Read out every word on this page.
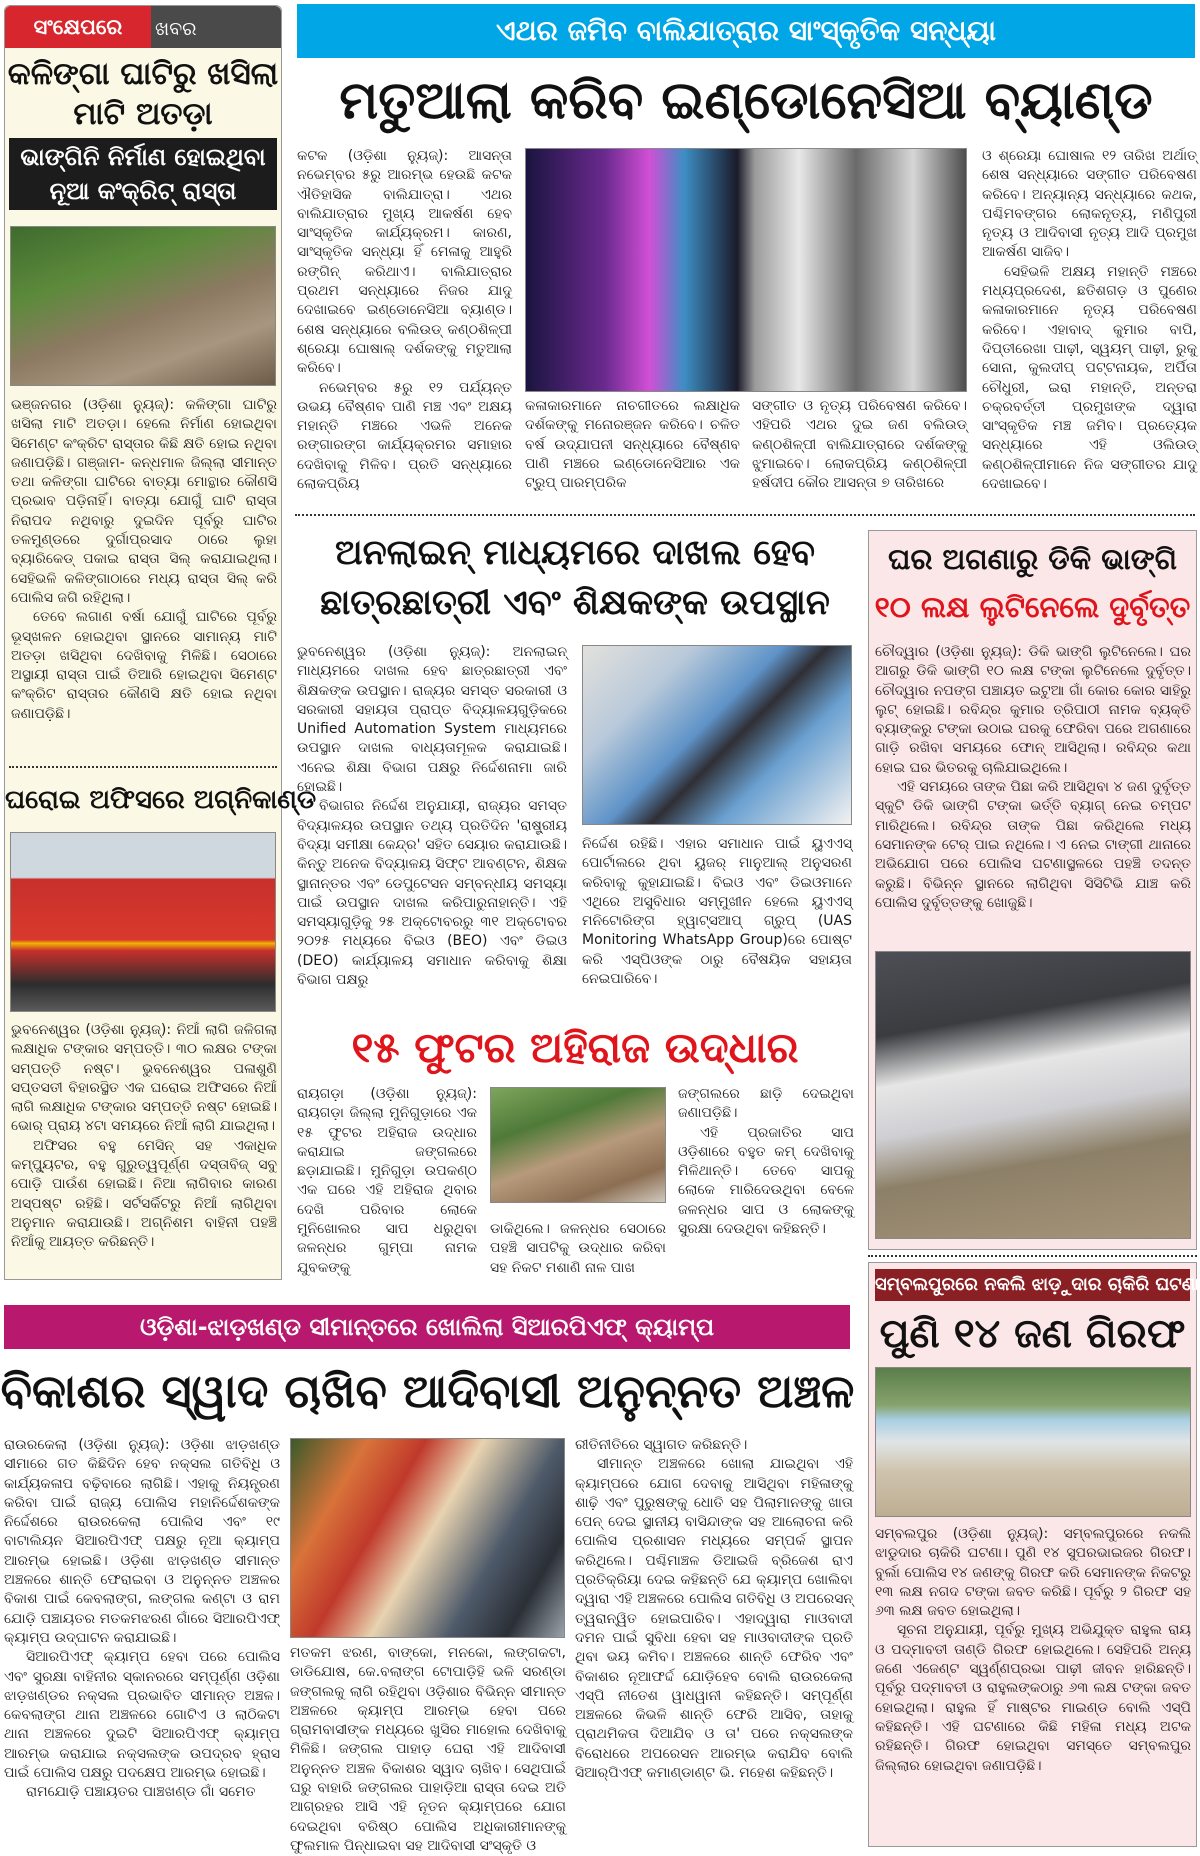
ସଂକ୍ଷେପରେ	ଖବର
କଳିଙ୍ଗା ଘାଟିରୁ ଖସିଲା
ମାଟି ଅତଡ଼ା
ଭାଙ୍ଗିନି ନିର୍ମାଣ ହୋଇଥିବା
ନୂଆ କଂକ୍ରିଟ୍ ରାସ୍ତା

ଭଞ୍ଜନଗର (ଓଡ଼ିଶା ନ୍ୟୁଜ୍): କଳିଙ୍ଗା ଘାଟିରୁ ଖସିଲା ମାଟି ଅତଡ଼ା। ହେଲେ ନିର୍ମାଣ ହୋଇଥିବା ସିମେଣ୍ଟ କଂକ୍ରିଟ ରାସ୍ତାର କିଛି କ୍ଷତି ହୋଇ ନଥିବା ଜଣାପଡ଼ିଛି। ଗଞ୍ଜାମ- କନ୍ଧମାଳ ଜିଲ୍ଲା ସୀମାନ୍ତ ତଥା କଳିଙ୍ଗା ଘାଟିରେ ବାତ୍ୟା ମୋନ୍ଥାର କୌଣସି ପ୍ରଭାବ ପଡ଼ିନାହିଁ। ବାତ୍ୟା ଯୋଗୁଁ ଘାଟି ରାସ୍ତା ନିରାପଦ ନଥିବାରୁ ଦୁଇଦିନ ପୂର୍ବରୁ ଘାଟିର ତଳମୁଣ୍ଡରେ ଦୁର୍ଗାପ୍ରସାଦ ଠାରେ ଲୁହା ବ୍ୟାରିକେଡ୍ ପକାଇ ରାସ୍ତା ସିଲ୍ କରାଯାଇଥିଲା। ସେହିଭଳି କଳିଙ୍ଗାଠାରେ ମଧ୍ୟ ରାସ୍ତା ସିଲ୍ କରି ପୋଲିସ ଜଗି ରହିଥିଲା।

ତେବେ ଲଗାଣ ବର୍ଷା ଯୋଗୁଁ ଘାଟିରେ ପୂର୍ବରୁ ଭୂସ୍ଖଳନ ହୋଇଥିବା ସ୍ଥାନରେ ସାମାନ୍ୟ ମାଟି ଅତଡ଼ା ଖସିଥିବା ଦେଖିବାକୁ ମିଳିଛି। ସେଠାରେ ଅସ୍ଥାୟୀ ରାସ୍ତା ପାଇଁ ତିଆରି ହୋଇଥିବା ସିମେଣ୍ଟ କଂକ୍ରିଟ ରାସ୍ତାର କୌଣସି କ୍ଷତି ହୋଇ ନଥିବା ଜଣାପଡ଼ିଛି।

ଘରୋଇ ଅଫିସରେ ଅଗ୍ନିକାଣ୍ଡ

ଭୁବନେଶ୍ୱର (ଓଡ଼ିଶା ନ୍ୟୁଜ୍): ନିଆଁ ଲାଗି ଜଳିଗଲା ଲକ୍ଷାଧିକ ଟଙ୍କାର ସମ୍ପତ୍ତି। ୩୦ ଲକ୍ଷର ଟଙ୍କା ସମ୍ପତ୍ତି ନଷ୍ଟ। ଭୁବନେଶ୍ୱର ପଳାଶୁଣି ସପ୍ତସତୀ ବିହାରସ୍ଥିତ ଏକ ଘରୋଇ ଅଫିସରେ ନିଆଁ ଲାଗି ଲକ୍ଷାଧିକ ଟଙ୍କାର ସମ୍ପତ୍ତି ନଷ୍ଟ ହୋଇଛି। ଭୋର୍ ପ୍ରାୟ ୪ଟା ସମୟରେ ନିଆଁ ଲାଗି ଯାଇଥିଲା।

ଅଫିସର ବହୁ ମେସିନ୍ ସହ ଏକାଧିକ କମ୍ପ୍ୟୁଟର, ବହୁ ଗୁରୁତ୍ୱପୂର୍ଣ୍ଣ ଦସ୍ତାବିଜ୍ ସବୁ ପୋଡ଼ି ପାଉଁଶ ହୋଇଛି। ନିଆ ଲାଗିବାର କାରଣ ଅସ୍ପଷ୍ଟ ରହିଛି। ସର୍ଟସର୍କିଟରୁ ନିଆଁ ଲାଗିଥିବା ଅନୁମାନ କରାଯାଉଛି। ଅଗ୍ନିଶମ ବାହିନୀ ପହଞ୍ଚି ନିଆଁକୁ ଆୟତ୍ତ କରିଛନ୍ତି।

ଏଥର ଜମିବ ବାଲିଯାତ୍ରାର ସାଂସ୍କୃତିକ ସନ୍ଧ୍ୟା
ମତୁଆଲା କରିବ ଇଣ୍ଡୋନେସିଆ ବ୍ୟାଣ୍ଡ

କଟକ (ଓଡ଼ିଶା ନ୍ୟୁଜ୍): ଆସନ୍ତା ନଭେମ୍ବର ୫ରୁ ଆରମ୍ଭ ହେଉଛି କଟକ ଐତିହାସିକ ବାଲିଯାତ୍ରା। ଏଥର ବାଲିଯାତ୍ରାର ମୁଖ୍ୟ ଆକର୍ଷଣ ହେବ ସାଂସ୍କୃତିକ କାର୍ଯ୍ୟକ୍ରମ। କାରଣ, ସାଂସ୍କୃତିକ ସନ୍ଧ୍ୟା ହିଁ ମେଳାକୁ ଆହୁରି ରଙ୍ଗିନ୍ କରିଥାଏ। ବାଲିଯାତ୍ରାର ପ୍ରଥମ ସନ୍ଧ୍ୟାରେ ନିଜର ଯାଦୁ ଦେଖାଇବେ ଇଣ୍ଡୋନେସିଆ ବ୍ୟାଣ୍ଡ। ଶେଷ ସନ୍ଧ୍ୟାରେ ବଲିଉଡ୍ କଣ୍ଠଶିଳ୍ପୀ ଶ୍ରେୟା ଘୋଷାଲ୍ ଦର୍ଶକଙ୍କୁ ମତୁଆଲା କରିବେ।

ନଭେମ୍ବର ୫ରୁ ୧୨ ପର୍ଯ୍ୟନ୍ତ ଉଭୟ ବୈଷ୍ଣବ ପାଣି ମଞ୍ଚ ଏବଂ ଅକ୍ଷୟ ମହାନ୍ତି ମଞ୍ଚରେ ଏଭଳି ଅନେକ ରଙ୍ଗାରଙ୍ଗ କାର୍ଯ୍ୟକ୍ରମର ସମାହାର ଦେଖିବାକୁ ମିଳିବ। ପ୍ରତି ସନ୍ଧ୍ୟାରେ ଲୋକପ୍ରିୟ

କଳାକାରମାନେ ନାଚଗୀତରେ ଲକ୍ଷାଧିକ ଦର୍ଶକଙ୍କୁ ମନୋରଞ୍ଜନ କରିବେ। ଚଳିତ ବର୍ଷ ଉଦ୍‌ଯାପନୀ ସନ୍ଧ୍ୟାରେ ବୈଷ୍ଣବ ପାଣି ମଞ୍ଚରେ ଇଣ୍ଡୋନେସିଆର ଏକ ଟ୍ରୁପ୍ ପାରମ୍ପରିକ
ସଙ୍ଗୀତ ଓ ନୃତ୍ୟ ପରିବେଷଣ କରିବେ। ଏହିପରି ଏଥର ଦୁଇ ଜଣ ବଲିଉଡ୍ କଣ୍ଠଶିଳ୍ପୀ ବାଲିଯାତ୍ରାରେ ଦର୍ଶକଙ୍କୁ ଝୁମାଇବେ। ଲୋକପ୍ରିୟ କଣ୍ଠଶିଳ୍ପୀ ହର୍ଷଦୀପ କୌର ଆସନ୍ତା ୭ ତାରିଖରେ

ଓ ଶ୍ରେୟା ଘୋଷାଲ ୧୨ ତାରିଖ ଅର୍ଥାତ୍ ଶେଷ ସନ୍ଧ୍ୟାରେ ସଙ୍ଗୀତ ପରିବେଷଣ କରିବେ। ଅନ୍ୟାନ୍ୟ ସନ୍ଧ୍ୟାରେ କଥକ, ପଶ୍ଚିମବଙ୍ଗର ଲୋକନୃତ୍ୟ, ମଣିପୁରୀ ନୃତ୍ୟ ଓ ଆଦିବାସୀ ନୃତ୍ୟ ଆଦି ପ୍ରମୁଖ ଆକର୍ଷଣ ସାଜିବ।

ସେହିଭଳି ଅକ୍ଷୟ ମହାନ୍ତି ମଞ୍ଚରେ ମଧ୍ୟପ୍ରଦେଶ, ଛତିଶଗଡ଼ ଓ ପୁଣେର କଳାକାରମାନେ ନୃତ୍ୟ ପରିବେଷଣ କରିବେ। ଏହାବାଦ୍ କୁମାର ବାପି, ଦିପ୍ତୀରେଖା ପାଢ଼ୀ, ସ୍ୱୟମ୍ ପାଢ଼ୀ, ରୁକୁ ସୋନା, କୁଲଦୀପ୍ ପଟ୍ଟନାୟକ, ଅର୍ପିତା ଚୌଧୁରୀ, ଇରା ମହାନ୍ତି, ଅନ୍ତରା ଚକ୍ରବର୍ତ୍ତୀ ପ୍ରମୁଖଙ୍କ ଦ୍ୱାରା ସାଂସ୍କୃତିକ ମଞ୍ଚ ଜମିବ। ପ୍ରତ୍ୟେକ ସନ୍ଧ୍ୟାରେ ଏହି ଓଲିଉଡ୍ କଣ୍ଠଶିଳ୍ପୀମାନେ ନିଜ ସଙ୍ଗୀତର ଯାଦୁ ଦେଖାଇବେ।

ଅନଲାଇନ୍ ମାଧ୍ୟମରେ ଦାଖଲ ହେବ
ଛାତ୍ରଛାତ୍ରୀ ଏବଂ ଶିକ୍ଷକଙ୍କ ଉପସ୍ଥାନ

ଭୁବନେଶ୍ୱର (ଓଡ଼ିଶା ନ୍ୟୁଜ୍): ଅନଲାଇନ୍ ମାଧ୍ୟମରେ ଦାଖଲ ହେବ ଛାତ୍ରଛାତ୍ରୀ ଏବଂ ଶିକ୍ଷକଙ୍କ ଉପସ୍ଥାନ। ରାଜ୍ୟର ସମସ୍ତ ସରକାରୀ ଓ ସରକାରୀ ସହାୟତା ପ୍ରାପ୍ତ ବିଦ୍ୟାଳୟଗୁଡ଼ିକରେ Unified Automation System ମାଧ୍ୟମରେ ଉପସ୍ଥାନ ଦାଖଲ ବାଧ୍ୟତାମୂଳକ କରାଯାଇଛି। ଏନେଇ ଶିକ୍ଷା ବିଭାଗ ପକ୍ଷରୁ ନିର୍ଦ୍ଦେଶନାମା ଜାରି ହୋଇଛି।

ବିଭାଗର ନିର୍ଦ୍ଦେଶ ଅନୁଯାୟୀ, ରାଜ୍ୟର ସମସ୍ତ ବିଦ୍ୟାଳୟର ଉପସ୍ଥାନ ତଥ୍ୟ ପ୍ରତିଦିନ 'ରାଷ୍ଟ୍ରୀୟ ବିଦ୍ୟା ସମୀକ୍ଷା କେନ୍ଦ୍ର' ସହିତ ସେୟାର କରାଯାଉଛି। କିନ୍ତୁ ଅନେକ ବିଦ୍ୟାଳୟ ସିଫ୍ଟ ଆବଣ୍ଟନ, ଶିକ୍ଷକ ସ୍ଥାନାନ୍ତର ଏବଂ ଡେପୁଟେସନ ସମ୍ବନ୍ଧୀୟ ସମସ୍ୟା ପାଇଁ ଉପସ୍ଥାନ ଦାଖଲ କରିପାରୁନାହାନ୍ତି। ଏହି ସମସ୍ୟାଗୁଡ଼ିକୁ ୨୫ ଅକ୍ଟୋବରରୁ ୩୧ ଅକ୍ଟୋବର ୨୦୨୫ ମଧ୍ୟରେ ବିଇଓ (BEO) ଏବଂ ଡିଇଓ (DEO) କାର୍ଯ୍ୟାଳୟ ସମାଧାନ କରିବାକୁ ଶିକ୍ଷା ବିଭାଗ ପକ୍ଷରୁ

ନିର୍ଦ୍ଦେଶ ରହିଛି। ଏହାର ସମାଧାନ ପାଇଁ ୟୁଏଏସ୍ ପୋର୍ଟାଲରେ ଥିବା ୟୁଜର୍ ମାନୁଆଲ୍ ଅନୁସରଣ କରିବାକୁ କୁହାଯାଇଛି। ବିଇଓ ଏବଂ ଡିଇଓମାନେ ଏଥିରେ ଅସୁବିଧାର ସମ୍ମୁଖୀନ ହେଲେ ୟୁଏଏସ୍ ମନିଟୋରିଙ୍ଗ ହ୍ୱାଟ୍ସଆପ୍ ଗ୍ରୁପ୍ (UAS Monitoring WhatsApp Group)ରେ ପୋଷ୍ଟ କରି ଏସ୍‌ପିଓଙ୍କ ଠାରୁ ବୈଷୟିକ ସହାୟତା ନେଇପାରିବେ।
ଘର ଅଗଣାରୁ ଡିକି ଭାଙ୍ଗି
୧୦ ଲକ୍ଷ ଲୁଟିନେଲେ ଦୁର୍ବୃତ୍ତ

ଚୌଦ୍ୱାର (ଓଡ଼ିଶା ନ୍ୟୁଜ୍): ଡିକି ଭାଙ୍ଗି ଲୁଟିନେଲେ। ଘର ଆଗରୁ ଡିକି ଭାଙ୍ଗି ୧୦ ଲକ୍ଷ ଟଙ୍କା ଲୁଟିନେଲେ ଦୁର୍ବୃତ୍ତ। ଚୌଦ୍ୱାର ନପଙ୍ଗ ପଞ୍ଚାୟତ ଇଟୁଆ ଗାଁ କୋର କୋର ସାହିରୁ ଲୁଟ୍ ହୋଇଛି। ରବିନ୍ଦ୍ର କୁମାର ତ୍ରିପାଠୀ ନାମକ ବ୍ୟକ୍ତି ବ୍ୟାଙ୍କରୁ ଟଙ୍କା ଉଠାଇ ଘରକୁ ଫେରିବା ପରେ ଅଗଣାରେ ଗାଡ଼ି ରଖିବା ସମୟରେ ଫୋନ୍ ଆସିଥିଲା। ରବିନ୍ଦ୍ର କଥା ହୋଇ ଘର ଭିତରକୁ ଚାଲିଯାଇଥିଲେ।

ଏହି ସମୟରେ ତାଙ୍କ ପିଛା କରି ଆସିଥିବା ୪ ଜଣ ଦୁର୍ବୃତ୍ତ ସ୍କୁଟି ଡିକି ଭାଙ୍ଗି ଟଙ୍କା ଭର୍ତ୍ତି ବ୍ୟାଗ୍ ନେଇ ଚମ୍ପଟ ମାରିଥିଲେ। ରବିନ୍ଦ୍ର ତାଙ୍କ ପିଛା କରିଥିଲେ ମଧ୍ୟ ସେମାନଙ୍କ ଟେର୍ ପାଇ ନଥିଲେ। ଏ ନେଇ ଟାଙ୍ଗୀ ଥାନାରେ ଅଭିଯୋଗ ପରେ ପୋଲିସ ଘଟଣାସ୍ଥଳରେ ପହଞ୍ଚି ତଦନ୍ତ କରୁଛି। ବିଭିନ୍ନ ସ୍ଥାନରେ ଲାଗିଥିବା ସିସିଟିଭି ଯାଞ୍ଚ କରି ପୋଲିସ ଦୁର୍ବୃତ୍ତଙ୍କୁ ଖୋଜୁଛି।

୧୫ ଫୁଟର ଅହିରାଜ ଉଦ୍ଧାର
ରାୟଗଡ଼ା (ଓଡ଼ିଶା ନ୍ୟୁଜ୍): ରାୟଗଡ଼ା ଜିଲ୍ଲା ମୁନିଗୁଡ଼ାରେ ଏକ ୧୫ ଫୁଟର ଅହିରାଜ ଉଦ୍ଧାର କରାଯାଇ ଜଙ୍ଗଲରେ ଛଡ଼ାଯାଇଛି। ମୁନିଗୁଡ଼ା ଉପକଣ୍ଠ ଏକ ଘରେ ଏହି ଅହିରାଜ ଥିବାର ଦେଖି ପରିବାର ଲୋକେ ମୁନିଖୋଲର ସାପ ଧରୁଥିବା ଜଳନ୍ଧର ଗୁମ୍ପା ନାମକ ଯୁବକଙ୍କୁ
ଡାକିଥିଲେ। ଜଳନ୍ଧର ସେଠାରେ ପହଞ୍ଚି ସାପଟିକୁ ଉଦ୍ଧାର କରିବା ସହ ନିକଟ ମଶାଣି ନାଳ ପାଖ

ଜଙ୍ଗଲରେ ଛାଡ଼ି ଦେଇଥିବା ଜଣାପଡ଼ିଛି।

ଏହି ପ୍ରଜାତିର ସାପ ଓଡ଼ିଶାରେ ବହୁତ କମ୍ ଦେଖିବାକୁ ମିଳିଥାନ୍ତି। ତେବେ ସାପକୁ ଲୋକେ ମାରିଦେଉଥିବା ବେଳେ ଜଳନ୍ଧର ସାପ ଓ ଲୋକଙ୍କୁ ସୁରକ୍ଷା ଦେଉଥିବା କହିଛନ୍ତି।

ଓଡ଼ିଶା-ଝାଡ଼ଖଣ୍ଡ ସୀମାନ୍ତରେ ଖୋଲିଲା ସିଆରପିଏଫ୍ କ୍ୟାମ୍ପ
ବିକାଶର ସ୍ୱାଦ ଚାଖିବ ଆଦିବାସୀ ଅନୁନ୍ନତ ଅଞ୍ଚଳ

ରାଉରକେଲା (ଓଡ଼ିଶା ନ୍ୟୁଜ୍): ଓଡ଼ିଶା ଝାଡ଼ଖଣ୍ଡ ସୀମାରେ ଗତ କିଛିଦିନ ହେବ ନକ୍ସଲ ଗତିବିଧି ଓ କାର୍ଯ୍ୟକଳାପ ବଢ଼ିବାରେ ଲାଗିଛି। ଏହାକୁ ନିୟନ୍ତ୍ରଣ କରିବା ପାଇଁ ରାଜ୍ୟ ପୋଲିସ ମହାନିର୍ଦ୍ଦେଶକଙ୍କ ନିର୍ଦ୍ଦେଶରେ ରାଉରକେଲା ପୋଲିସ ଏବଂ ୧୯ ବାଟାଲିୟନ ସିଆରପିଏଫ୍ ପକ୍ଷରୁ ନୂଆ କ୍ୟାମ୍ପ ଆରମ୍ଭ ହୋଇଛି। ଓଡ଼ିଶା ଝାଡ଼ଖଣ୍ଡ ସୀମାନ୍ତ ଅଞ୍ଚଳରେ ଶାନ୍ତି ଫେରାଇବା ଓ ଅନୁନ୍ନତ ଅଞ୍ଚଳର ବିକାଶ ପାଇଁ କେବଲାଙ୍ଗ, ଲଙ୍ଗଲ କଣ୍ଟା ଓ ରାମ ଯୋଡ଼ି ପଞ୍ଚାୟତର ମତକମଝରଣ ଗାଁରେ ସିଆରପିଏଫ୍ କ୍ୟାମ୍ପ ଉଦ୍‌ଘାଟନ କରାଯାଇଛି।

ସିଆରପିଏଫ୍ କ୍ୟାମ୍ପ ହେବା ପରେ ପୋଲିସ ଏବଂ ସୁରକ୍ଷା ବାହିନୀର ସ୍କାନରରେ ସମ୍ପୂର୍ଣ୍ଣ ଓଡ଼ିଶା ଝାଡ଼ଖଣ୍ଡର ନକ୍ସଲ ପ୍ରଭାବିତ ସୀମାନ୍ତ ଅଞ୍ଚଳ। କେବଲାଙ୍ଗ ଥାନା ଅଞ୍ଚଳରେ ଗୋଟିଏ ଓ ଲାଠିକଟା ଥାନା ଅଞ୍ଚଳରେ ଦୁଇଟି ସିଆରପିଏଫ୍ କ୍ୟାମ୍ପ ଆରମ୍ଭ କରାଯାଇ ନକ୍ସଲଙ୍କ ଉପଦ୍ରବ ହ୍ରାସ ପାଇଁ ପୋଲିସ ପକ୍ଷରୁ ପଦକ୍ଷେପ ଆରମ୍ଭ ହୋଇଛି।

ରାମଯୋଡ଼ି ପଞ୍ଚାୟତର ପାଞ୍ଚଖଣ୍ଡ ଗାଁ ସମେତ

ମତକମ ଝରଣ, ବାଙ୍କୋ, ମନକୋ, ଲଙ୍ଗକଟା, ଡାଡିଯୋଷ, କେ.ବଲାଙ୍ଗ ଟୋପାଡ଼ିହି ଭଳି ସରଣ୍ଡା ଜଙ୍ଗଲକୁ ଲାଗି ରହିଥିବା ଓଡ଼ିଶାର ବିଭିନ୍ନ ସୀମାନ୍ତ ଅଞ୍ଚଳରେ କ୍ୟାମ୍ପ ଆରମ୍ଭ ହେବା ପରେ ଗ୍ରାମବାସୀଙ୍କ ମଧ୍ୟରେ ଖୁସିର ମାହୋଲ ଦେଖିବାକୁ ମିଳିଛି। ଜଙ୍ଗଲ ପାହାଡ଼ ଘେରା ଏହି ଆଦିବାସୀ ଅନୁନ୍ନତ ଅଞ୍ଚଳ ବିକାଶର ସ୍ୱାଦ ଚାଖିବ। ସେଥିପାଇଁ ଘରୁ ବାହାରି ଜଙ୍ଗଲର ପାହାଡ଼ିଆ ରାସ୍ତା ଦେଇ ଅତି ଆଗ୍ରହର ଆସି ଏହି ନୂତନ କ୍ୟାମ୍ପରେ ଯୋଗ ଦେଇଥିବା ବରିଷ୍ଠ ପୋଲିସ ଅଧିକାରୀମାନଙ୍କୁ ଫୁଲମାଳ ପିନ୍ଧାଇବା ସହ ଆଦିବାସୀ ସଂସ୍କୃତି ଓ

ରୀତିନୀତିରେ ସ୍ୱାଗତ କରିଛନ୍ତି।

ସୀମାନ୍ତ ଅଞ୍ଚଳରେ ଖୋଲା ଯାଇଥିବା ଏହି କ୍ୟାମ୍ପରେ ଯୋଗ ଦେବାକୁ ଆସିଥିବା ମହିଳାଙ୍କୁ ଶାଢ଼ି ଏବଂ ପୁରୁଷଙ୍କୁ ଧୋତି ସହ ପିଲାମାନଙ୍କୁ ଖାତା ପେନ୍ ଦେଇ ସ୍ଥାନୀୟ ବାସିନ୍ଦାଙ୍କ ସହ ଆଲୋଚନା କରି ପୋଲିସ ପ୍ରଶାସନ ମଧ୍ୟରେ ସମ୍ପର୍କ ସ୍ଥାପନ କରିଥିଲେ। ପଶ୍ଚିମାଞ୍ଚଳ ଡିଆଇଜି ବ୍ରିଜେଶ ରାଏ ପ୍ରତିକ୍ରିୟା ଦେଇ କହିଛନ୍ତି ଯେ କ୍ୟାମ୍ପ ଖୋଲିବା ଦ୍ୱାରା ଏହି ଅଞ୍ଚଳରେ ପୋଲିସ ଗତିବିଧି ଓ ଅପରେସନ୍ ତ୍ୱରାନ୍ୱିତ ହୋଇପାରିବ। ଏହାଦ୍ୱାରା ମାଓବାଦୀ ଦମନ ପାଇଁ ସୁବିଧା ହେବା ସହ ମାଓବାଦୀଙ୍କ ପ୍ରତି ଥିବା ଭୟ କମିବ। ଅଞ୍ଚଳରେ ଶାନ୍ତି ଫେରିବ ଏବଂ ବିକାଶର ନୂଆଫର୍ଦ୍ଦ ଯୋଡ଼ିହେବ ବୋଲି ରାଉରକେଲା ଏସ୍‌ପି ନୀତେଶ ୱାଧୱାନୀ କହିଛନ୍ତି। ସମ୍ପୂର୍ଣ୍ଣ ଅଞ୍ଚଳରେ କିଭଳି ଶାନ୍ତି ଫେରି ଆସିବ, ତାହାକୁ ପ୍ରାଥମିକତା ଦିଆଯିବ ଓ ତା' ପରେ ନକ୍ସଲଙ୍କ ବିରୋଧରେ ଅପରେସନ ଆରମ୍ଭ କରାଯିବ ବୋଲି ସିଆର୍‌ପିଏଫ୍ କମାଣ୍ଡାଣ୍ଟ ଭି. ମହେଶ କହିଛନ୍ତି।

ସମ୍ବଲପୁରରେ ନକଲି ଝାଡ଼ୁଦାର ଚାକିରି ଘଟଣା
ପୁଣି ୧୪ ଜଣ ଗିରଫ

ସମ୍ବଲପୁର (ଓଡ଼ିଶା ନ୍ୟୁଜ୍): ସମ୍ବଲପୁରରେ ନକଲି ଝାଡୁଦାର ଚାକିରି ଘଟଣା। ପୁଣି ୧୪ ସୁପରଭାଇଜର ଗିରଫ। ବୁର୍ଲା ପୋଲିସ ୧୪ ଜଣଙ୍କୁ ଗିରଫ କରି ସେମାନଙ୍କ ନିକଟରୁ ୧୩ ଲକ୍ଷ ନଗଦ ଟଙ୍କା ଜବତ କରିଛି। ପୂର୍ବରୁ ୨ ଗିରଫ ସହ ୬୩ ଲକ୍ଷ ଜବତ ହୋଇଥିଲା।

ସୂଚନା ଅନୁଯାୟୀ, ପୂର୍ବରୁ ମୁଖ୍ୟ ଅଭିଯୁକ୍ତ ରାହୁଲ ରାୟ ଓ ପଦ୍ମାବତୀ ତାଣ୍ଡି ଗିରଫ ହୋଇଥିଲେ। ସେହିପରି ଅନ୍ୟ ଜଣେ ଏଜେଣ୍ଟ ସ୍ୱର୍ଣ୍ଣପ୍ରଭା ପାଢ଼ୀ ଜୀବନ ହାରିଛନ୍ତି। ପୂର୍ବରୁ ପଦ୍ମାବତୀ ଓ ରାହୁଲଙ୍କଠାରୁ ୬୩ ଲକ୍ଷ ଟଙ୍କା ଜବତ ହୋଇଥିଲା। ରାହୁଲ ହିଁ ମାଷ୍ଟର ମାଇଣ୍ଡ ବୋଲି ଏସ୍‌ପି କହିଛନ୍ତି। ଏହି ଘଟଣାରେ କିଛି ମହିଳା ମଧ୍ୟ ଅଟକ ରହିଛନ୍ତି। ଗିରଫ ହୋଇଥିବା ସମସ୍ତେ ସମ୍ବଲପୁର ଜିଲ୍ଲାର ହୋଇଥିବା ଜଣାପଡ଼ିଛି।
